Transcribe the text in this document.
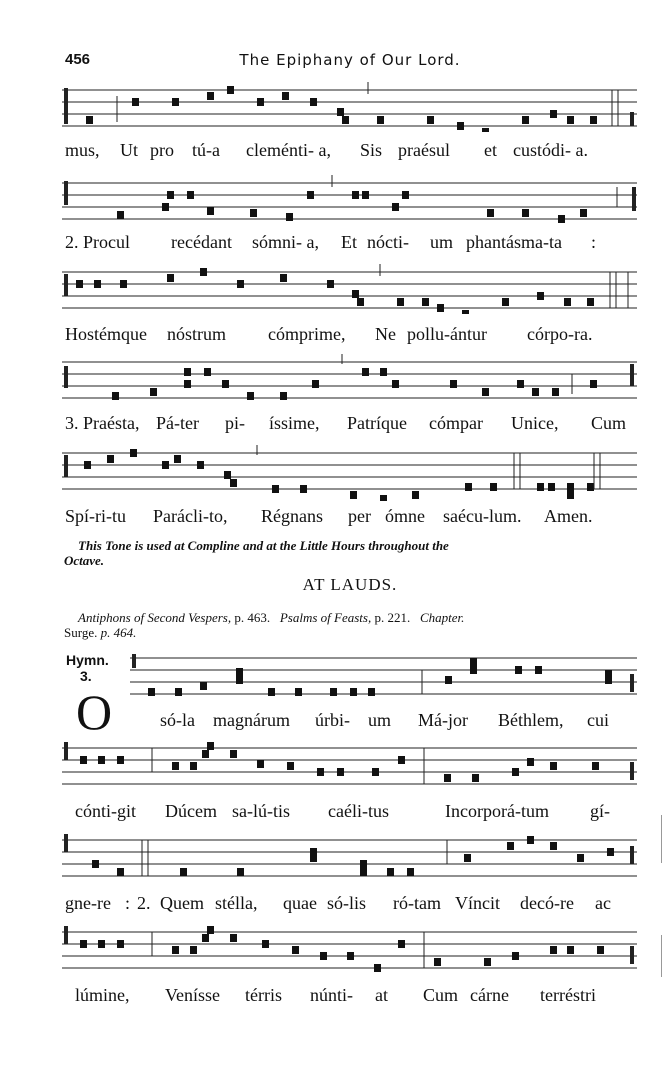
456	The Epiphany of Our Lord.
mus, Ut pro tú-a cleménti- a, Sis praésul et custódi- a.
2. Procul recédant sómni- a, Et nócti- um phantásma-ta :
Hostémque nóstrum cómprime, Ne pollu-ántur córpo-ra.
3. Praésta, Pá-ter pi- íssime, Patríque cómpar Unice, Cum
Spí-ri-tu Parácli-to, Régnans per ómne saécu-lum. Amen.
This Tone is used at Compline and at the Little Hours throughout the
Octave.
AT LAUDS.
Antiphons of Second Vespers, p. 463. Psalms of Feasts, p. 221. Chapter.
Surge. p. 464.
Hymn.
3.
O	só-la magnárum úrbi- um Má-jor Béthlem, cui
cónti-git Dúcem sa-lú-tis caéli-tus	Incorporá-tum gí-
gne-re : 2. Quem stélla, quae só-lis ró-tam Víncit decó-re ac
lúmine, Venísse térris núnti- at Cum cárne terréstri
